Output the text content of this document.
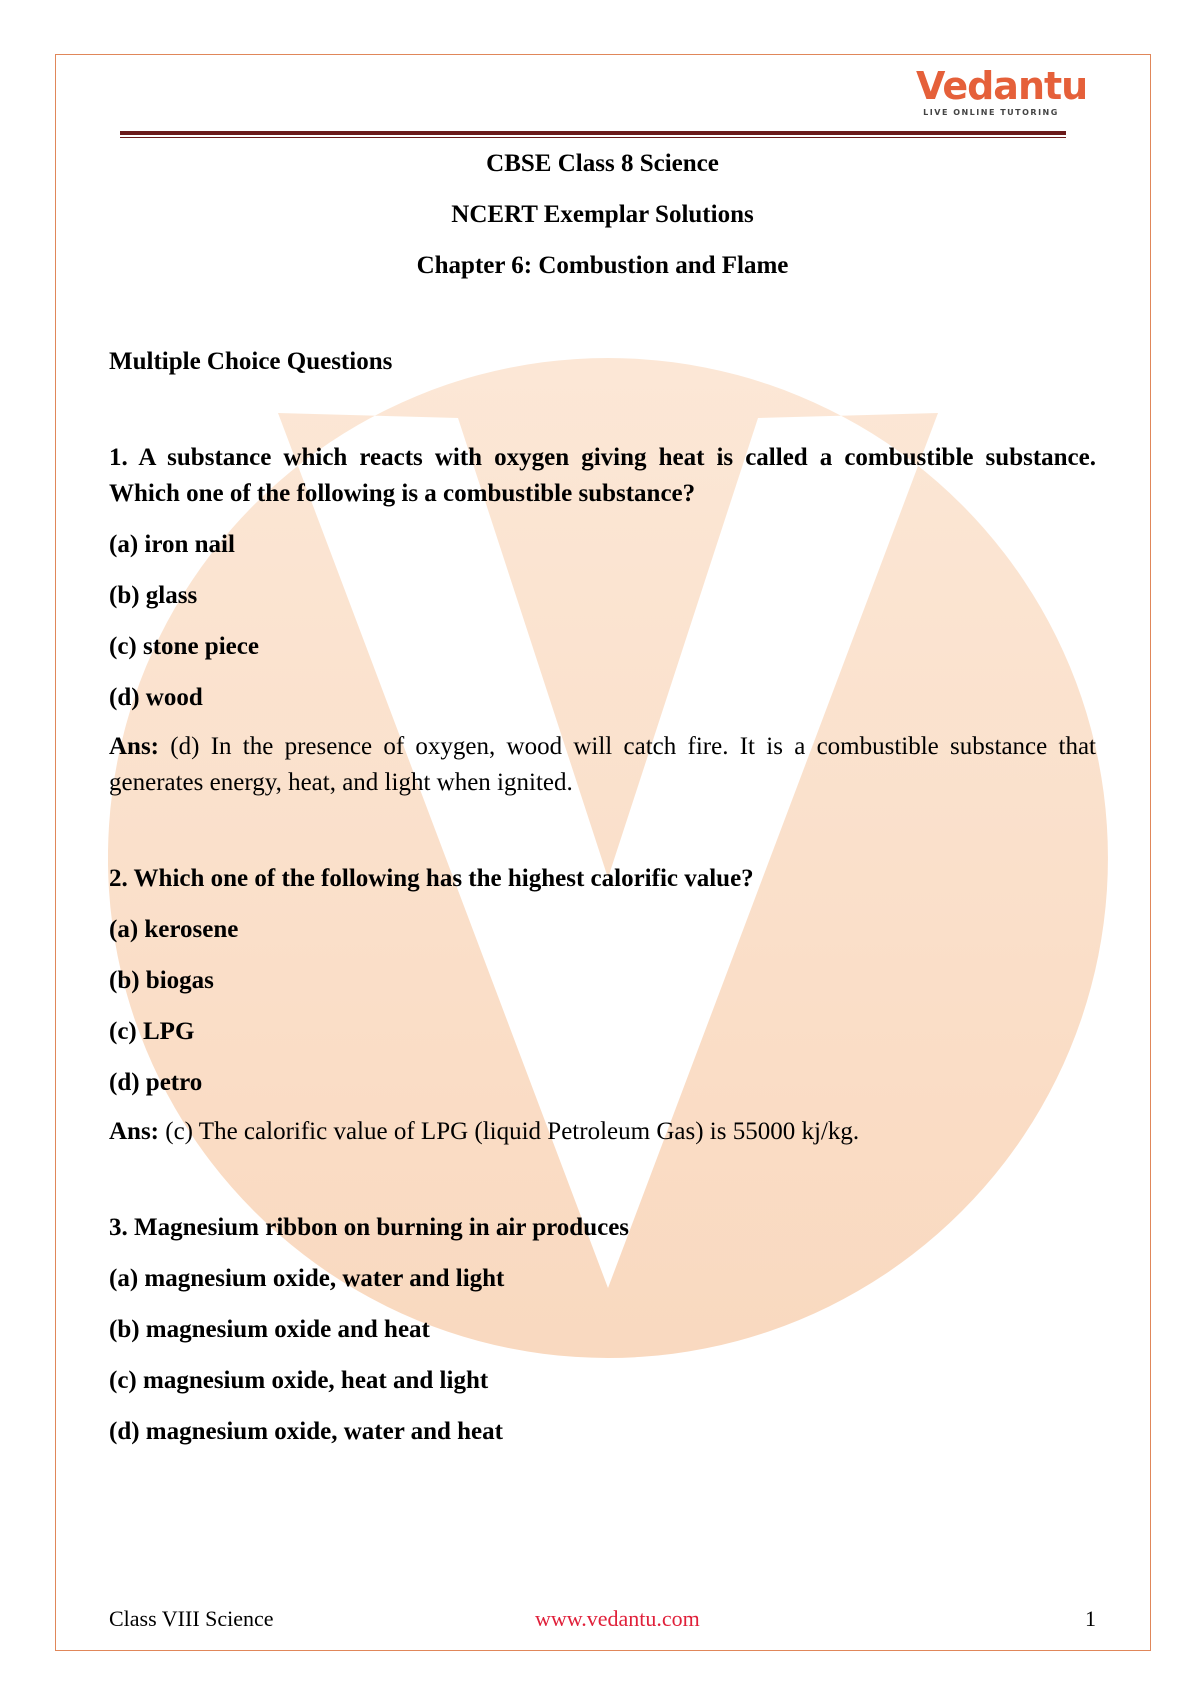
Vedantu
LIVE ONLINE TUTORING

CBSE Class 8 Science

NCERT Exemplar Solutions

Chapter 6: Combustion and Flame

Multiple Choice Questions

1. A substance which reacts with oxygen giving heat is called a combustible substance. Which one of the following is a combustible substance?

(a) iron nail

(b) glass

(c) stone piece

(d) wood

Ans: (d) In the presence of oxygen, wood will catch fire. It is a combustible substance that generates energy, heat, and light when ignited.

2. Which one of the following has the highest calorific value?

(a) kerosene

(b) biogas

(c) LPG

(d) petro

Ans: (c) The calorific value of LPG (liquid Petroleum Gas) is 55000 kj/kg.

3. Magnesium ribbon on burning in air produces

(a) magnesium oxide, water and light

(b) magnesium oxide and heat

(c) magnesium oxide, heat and light

(d) magnesium oxide, water and heat

Class VIII Science	www.vedantu.com	1
